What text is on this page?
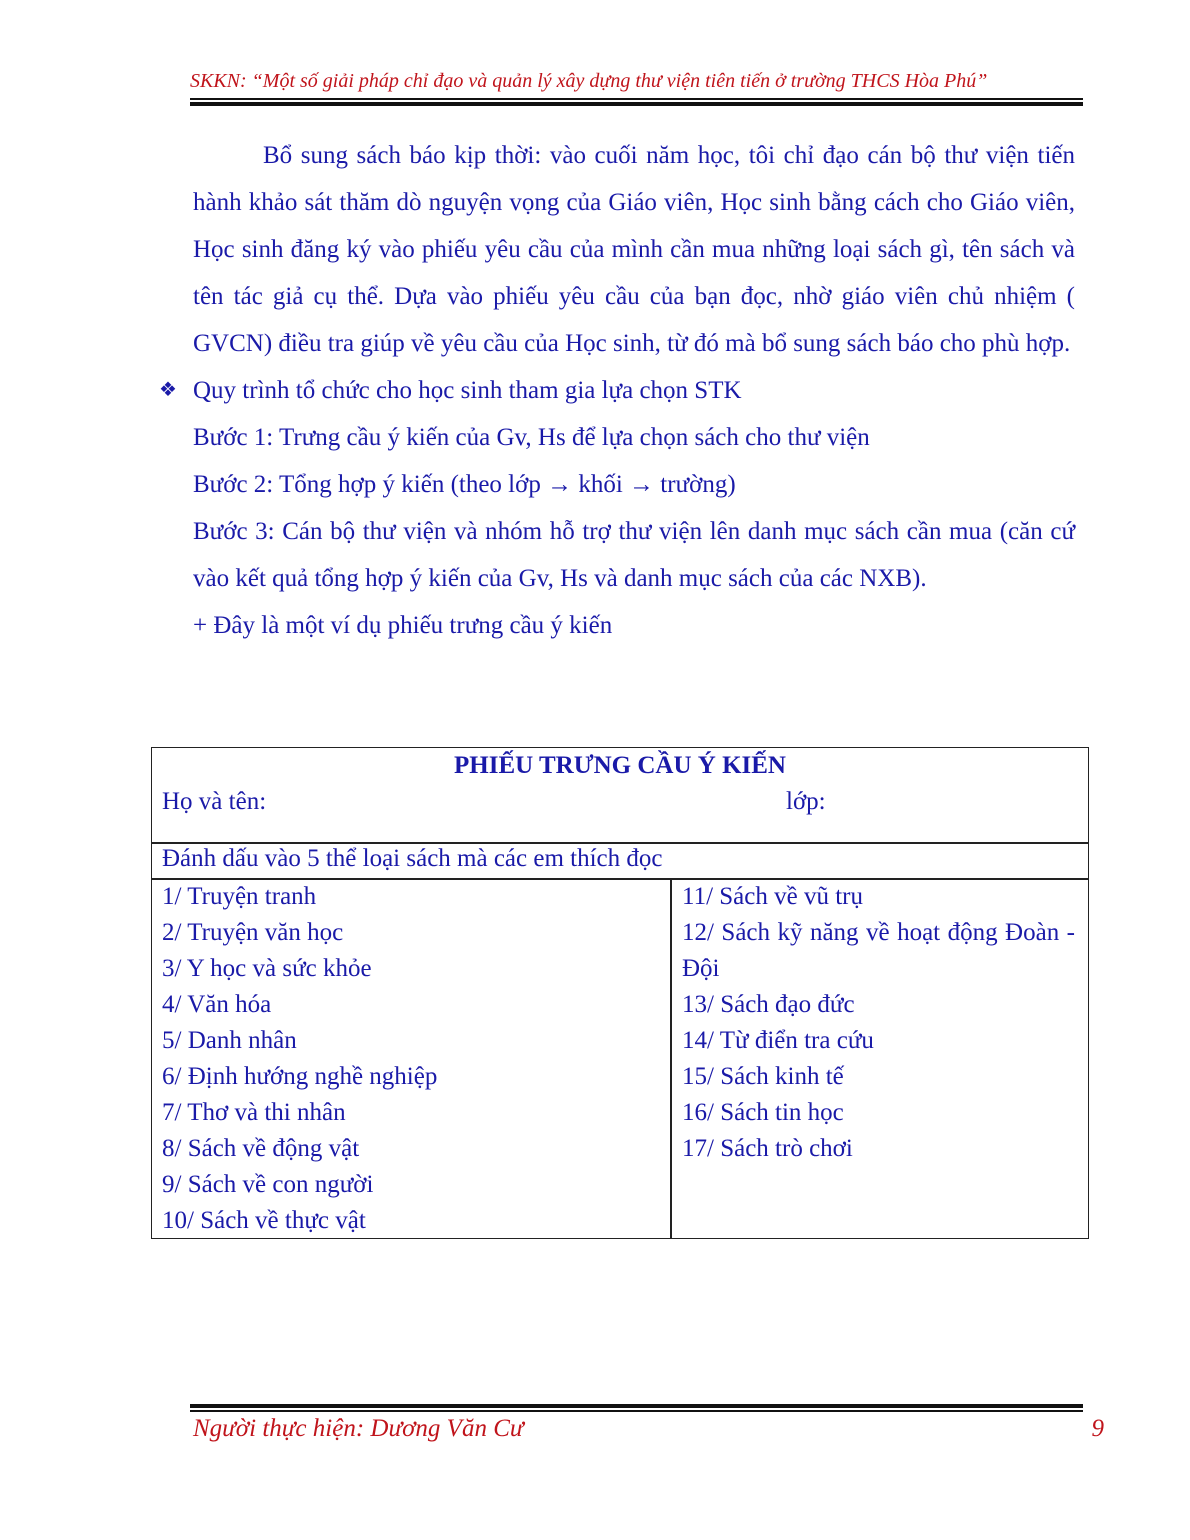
SKKN: “Một số giải pháp chỉ đạo và quản lý xây dựng thư viện tiên tiến ở trường THCS Hòa Phú”

Bổ sung sách báo kịp thời: vào cuối năm học, tôi chỉ đạo cán bộ thư viện tiến hành khảo sát thăm dò nguyện vọng của Giáo viên, Học sinh bằng cách cho Giáo viên, Học sinh đăng ký vào phiếu yêu cầu của mình cần mua những loại sách gì, tên sách và tên tác giả cụ thể. Dựa vào phiếu yêu cầu của bạn đọc, nhờ giáo viên chủ nhiệm ( GVCN) điều tra giúp về yêu cầu của Học sinh, từ đó mà bổ sung sách báo cho phù hợp.

❖ Quy trình tổ chức cho học sinh tham gia lựa chọn STK

Bước 1: Trưng cầu ý kiến của Gv, Hs để lựa chọn sách cho thư viện

Bước 2: Tổng hợp ý kiến (theo lớp → khối → trường)

Bước 3: Cán bộ thư viện và nhóm hỗ trợ thư viện lên danh mục sách cần mua (căn cứ vào kết quả tổng hợp ý kiến của Gv, Hs và danh mục sách của các NXB).

+ Đây là một ví dụ phiếu trưng cầu ý kiến

PHIẾU TRƯNG CẦU Ý KIẾN
Họ và tên:	lớp:
Đánh dấu vào 5 thể loại sách mà các em thích đọc

1/ Truyện tranh

2/ Truyện văn học

3/ Y học và sức khỏe

4/ Văn hóa

5/ Danh nhân

6/ Định hướng nghề nghiệp

7/ Thơ và thi nhân

8/ Sách về động vật

9/ Sách về con người

10/ Sách về thực vật

11/ Sách về vũ trụ

12/ Sách kỹ năng về hoạt động Đoàn - Đội

13/ Sách đạo đức

14/ Từ điển tra cứu

15/ Sách kinh tế

16/ Sách tin học

17/ Sách trò chơi

Người thực hiện: Dương Văn Cư	9
